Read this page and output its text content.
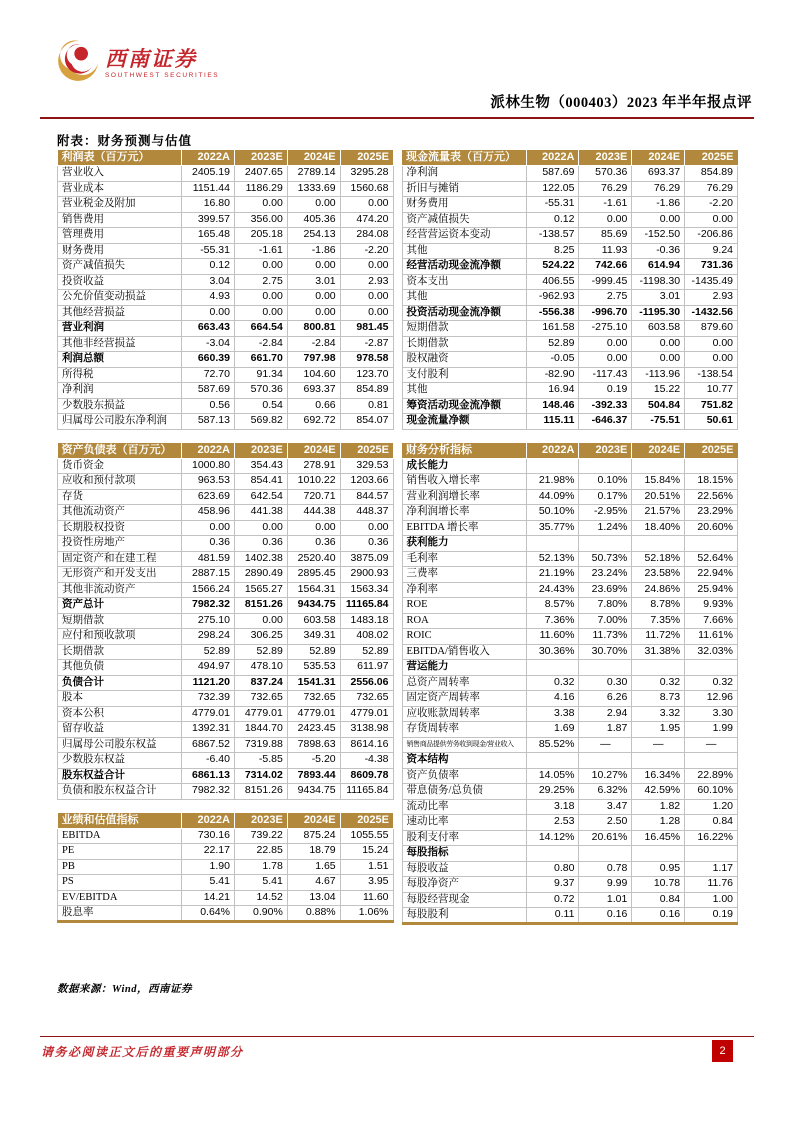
西南证券
SOUTHWEST SECURITIES
派林生物（000403）2023 年半年报点评
附表：财务预测与估值
利润表（百万元）	2022A	2023E	2024E	2025E
营业收入	2405.19	2407.65	2789.14	3295.28
营业成本	1151.44	1186.29	1333.69	1560.68
营业税金及附加	16.80	0.00	0.00	0.00
销售费用	399.57	356.00	405.36	474.20
管理费用	165.48	205.18	254.13	284.08
财务费用	-55.31	-1.61	-1.86	-2.20
资产减值损失	0.12	0.00	0.00	0.00
投资收益	3.04	2.75	3.01	2.93
公允价值变动损益	4.93	0.00	0.00	0.00
其他经营损益	0.00	0.00	0.00	0.00
营业利润	663.43	664.54	800.81	981.45
其他非经营损益	-3.04	-2.84	-2.84	-2.87
利润总额	660.39	661.70	797.98	978.58
所得税	72.70	91.34	104.60	123.70
净利润	587.69	570.36	693.37	854.89
少数股东损益	0.56	0.54	0.66	0.81
归属母公司股东净利润	587.13	569.82	692.72	854.07
资产负债表（百万元）	2022A	2023E	2024E	2025E
货币资金	1000.80	354.43	278.91	329.53
应收和预付款项	963.53	854.41	1010.22	1203.66
存货	623.69	642.54	720.71	844.57
其他流动资产	458.96	441.38	444.38	448.37
长期股权投资	0.00	0.00	0.00	0.00
投资性房地产	0.36	0.36	0.36	0.36
固定资产和在建工程	481.59	1402.38	2520.40	3875.09
无形资产和开发支出	2887.15	2890.49	2895.45	2900.93
其他非流动资产	1566.24	1565.27	1564.31	1563.34
资产总计	7982.32	8151.26	9434.75	11165.84
短期借款	275.10	0.00	603.58	1483.18
应付和预收款项	298.24	306.25	349.31	408.02
长期借款	52.89	52.89	52.89	52.89
其他负债	494.97	478.10	535.53	611.97
负债合计	1121.20	837.24	1541.31	2556.06
股本	732.39	732.65	732.65	732.65
资本公积	4779.01	4779.01	4779.01	4779.01
留存收益	1392.31	1844.70	2423.45	3138.98
归属母公司股东权益	6867.52	7319.88	7898.63	8614.16
少数股东权益	-6.40	-5.85	-5.20	-4.38
股东权益合计	6861.13	7314.02	7893.44	8609.78
负债和股东权益合计	7982.32	8151.26	9434.75	11165.84
业绩和估值指标	2022A	2023E	2024E	2025E
EBITDA	730.16	739.22	875.24	1055.55
PE	22.17	22.85	18.79	15.24
PB	1.90	1.78	1.65	1.51
PS	5.41	5.41	4.67	3.95
EV/EBITDA	14.21	14.52	13.04	11.60
股息率	0.64%	0.90%	0.88%	1.06%
现金流量表（百万元）	2022A	2023E	2024E	2025E
净利润	587.69	570.36	693.37	854.89
折旧与摊销	122.05	76.29	76.29	76.29
财务费用	-55.31	-1.61	-1.86	-2.20
资产减值损失	0.12	0.00	0.00	0.00
经营营运资本变动	-138.57	85.69	-152.50	-206.86
其他	8.25	11.93	-0.36	9.24
经营活动现金流净额	524.22	742.66	614.94	731.36
资本支出	406.55	-999.45	-1198.30	-1435.49
其他	-962.93	2.75	3.01	2.93
投资活动现金流净额	-556.38	-996.70	-1195.30	-1432.56
短期借款	161.58	-275.10	603.58	879.60
长期借款	52.89	0.00	0.00	0.00
股权融资	-0.05	0.00	0.00	0.00
支付股利	-82.90	-117.43	-113.96	-138.54
其他	16.94	0.19	15.22	10.77
筹资活动现金流净额	148.46	-392.33	504.84	751.82
现金流量净额	115.11	-646.37	-75.51	50.61
财务分析指标	2022A	2023E	2024E	2025E
成长能力				
销售收入增长率	21.98%	0.10%	15.84%	18.15%
营业利润增长率	44.09%	0.17%	20.51%	22.56%
净利润增长率	50.10%	-2.95%	21.57%	23.29%
EBITDA 增长率	35.77%	1.24%	18.40%	20.60%
获利能力				
毛利率	52.13%	50.73%	52.18%	52.64%
三费率	21.19%	23.24%	23.58%	22.94%
净利率	24.43%	23.69%	24.86%	25.94%
ROE	8.57%	7.80%	8.78%	9.93%
ROA	7.36%	7.00%	7.35%	7.66%
ROIC	11.60%	11.73%	11.72%	11.61%
EBITDA/销售收入	30.36%	30.70%	31.38%	32.03%
营运能力				
总资产周转率	0.32	0.30	0.32	0.32
固定资产周转率	4.16	6.26	8.73	12.96
应收账款周转率	3.38	2.94	3.32	3.30
存货周转率	1.69	1.87	1.95	1.99
销售商品提供劳务收到现金/营业收入	85.52%	—	—	—
资本结构				
资产负债率	14.05%	10.27%	16.34%	22.89%
带息债务/总负债	29.25%	6.32%	42.59%	60.10%
流动比率	3.18	3.47	1.82	1.20
速动比率	2.53	2.50	1.28	0.84
股利支付率	14.12%	20.61%	16.45%	16.22%
每股指标				
每股收益	0.80	0.78	0.95	1.17
每股净资产	9.37	9.99	10.78	11.76
每股经营现金	0.72	1.01	0.84	1.00
每股股利	0.11	0.16	0.16	0.19
数据来源：Wind，西南证券
请务必阅读正文后的重要声明部分	2
